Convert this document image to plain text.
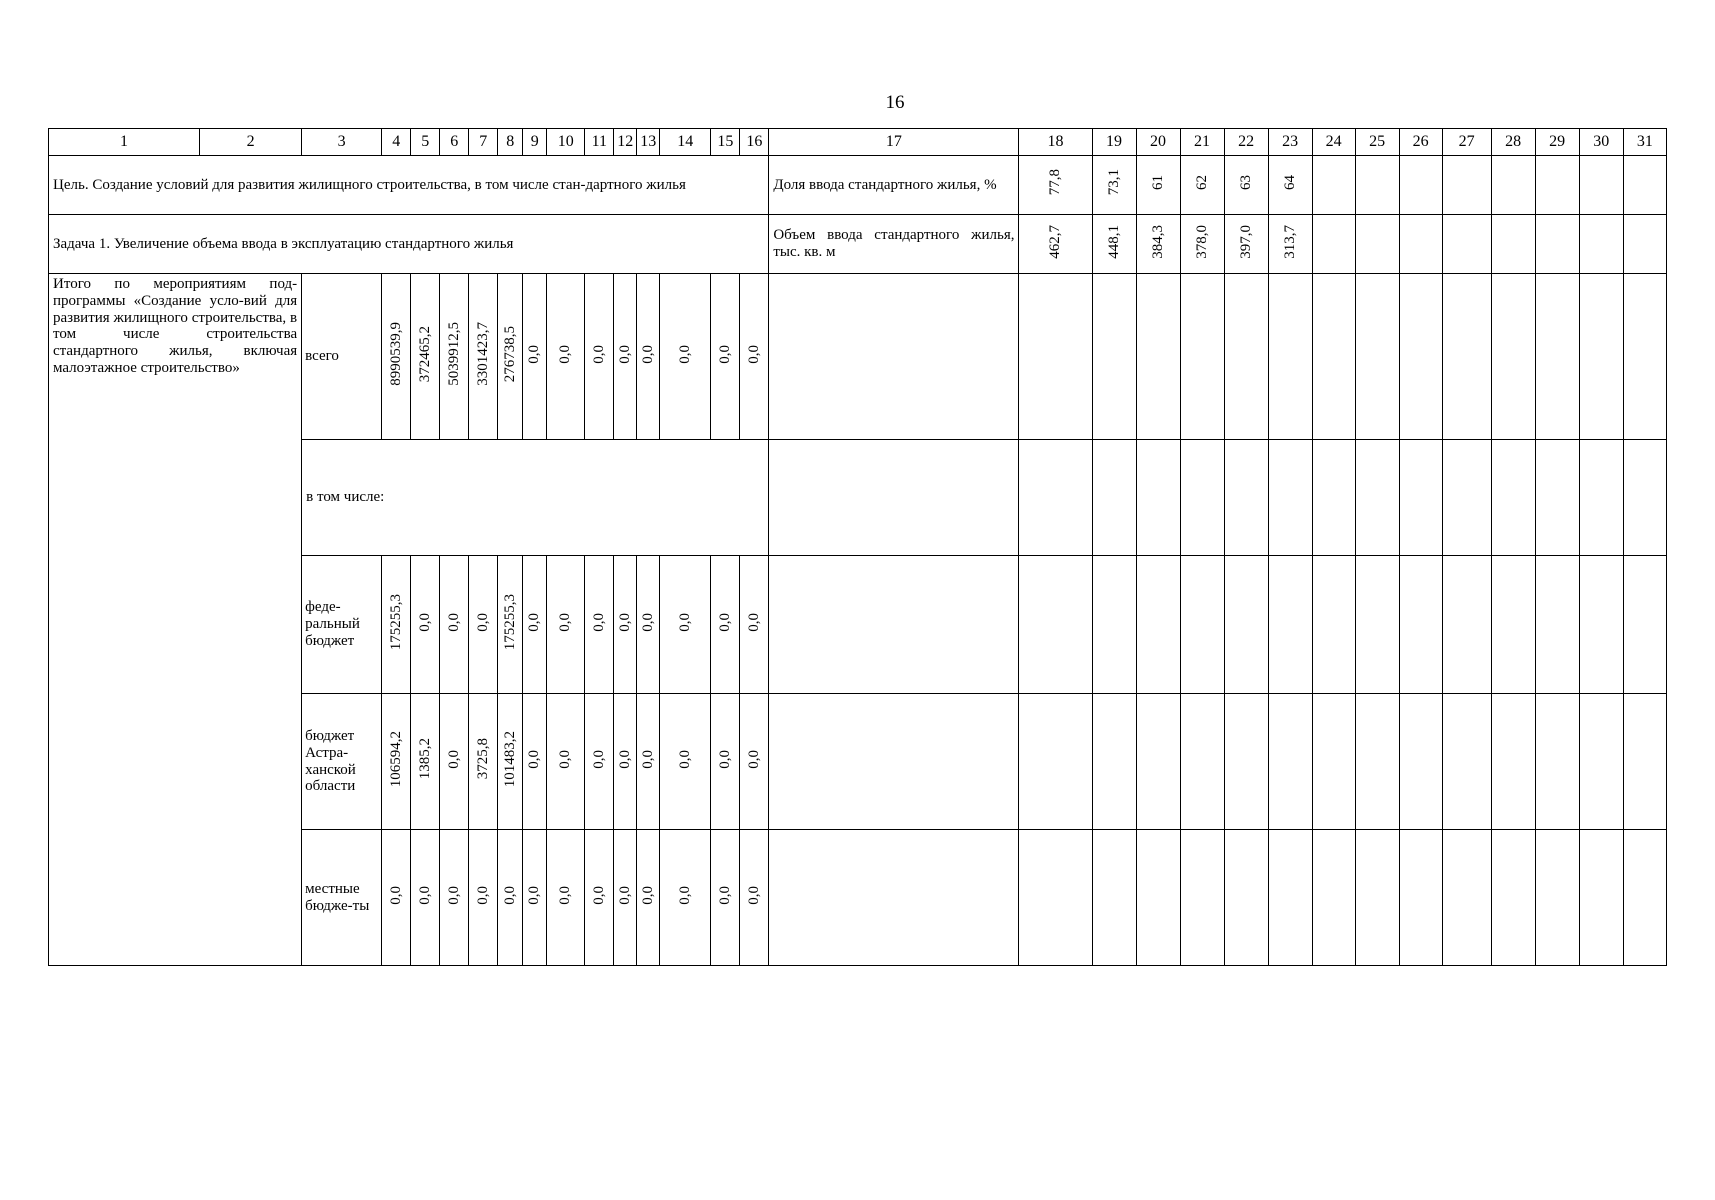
16
1	2	3	4	5	6	7	8	9	10	11	12	13	14	15	16	17	18	19	20	21	22	23	24	25	26	27	28	29	30	31
Цель. Создание условий для развития жилищного строительства, в том числе стан-дартного жилья																Доля ввода стандартного жилья, %	77,8	73,1	61	62	63	64								
Задача 1. Увеличение объема ввода в эксплуатацию стандартного жилья																Объем ввода стандартного жилья, тыс. кв. м	462,7	448,1	384,3	378,0	397,0	313,7								
Итого по мероприятиям под-программы «Создание усло-вий для развития жилищного строительства, в том числе строительства стандартного жилья, включая малоэтажное строительство»		всего	8990539,9	372465,2	5039912,5	3301423,7	276738,5	0,0	0,0	0,0	0,0	0,0	0,0	0,0	0,0															
		в том числе:																												
		феде-ральный бюджет	175255,3	0,0	0,0	0,0	175255,3	0,0	0,0	0,0	0,0	0,0	0,0	0,0	0,0															
		бюджет Астра-ханской области	106594,2	1385,2	0,0	3725,8	101483,2	0,0	0,0	0,0	0,0	0,0	0,0	0,0	0,0															
		местные бюдже-ты	0,0	0,0	0,0	0,0	0,0	0,0	0,0	0,0	0,0	0,0	0,0	0,0	0,0															
